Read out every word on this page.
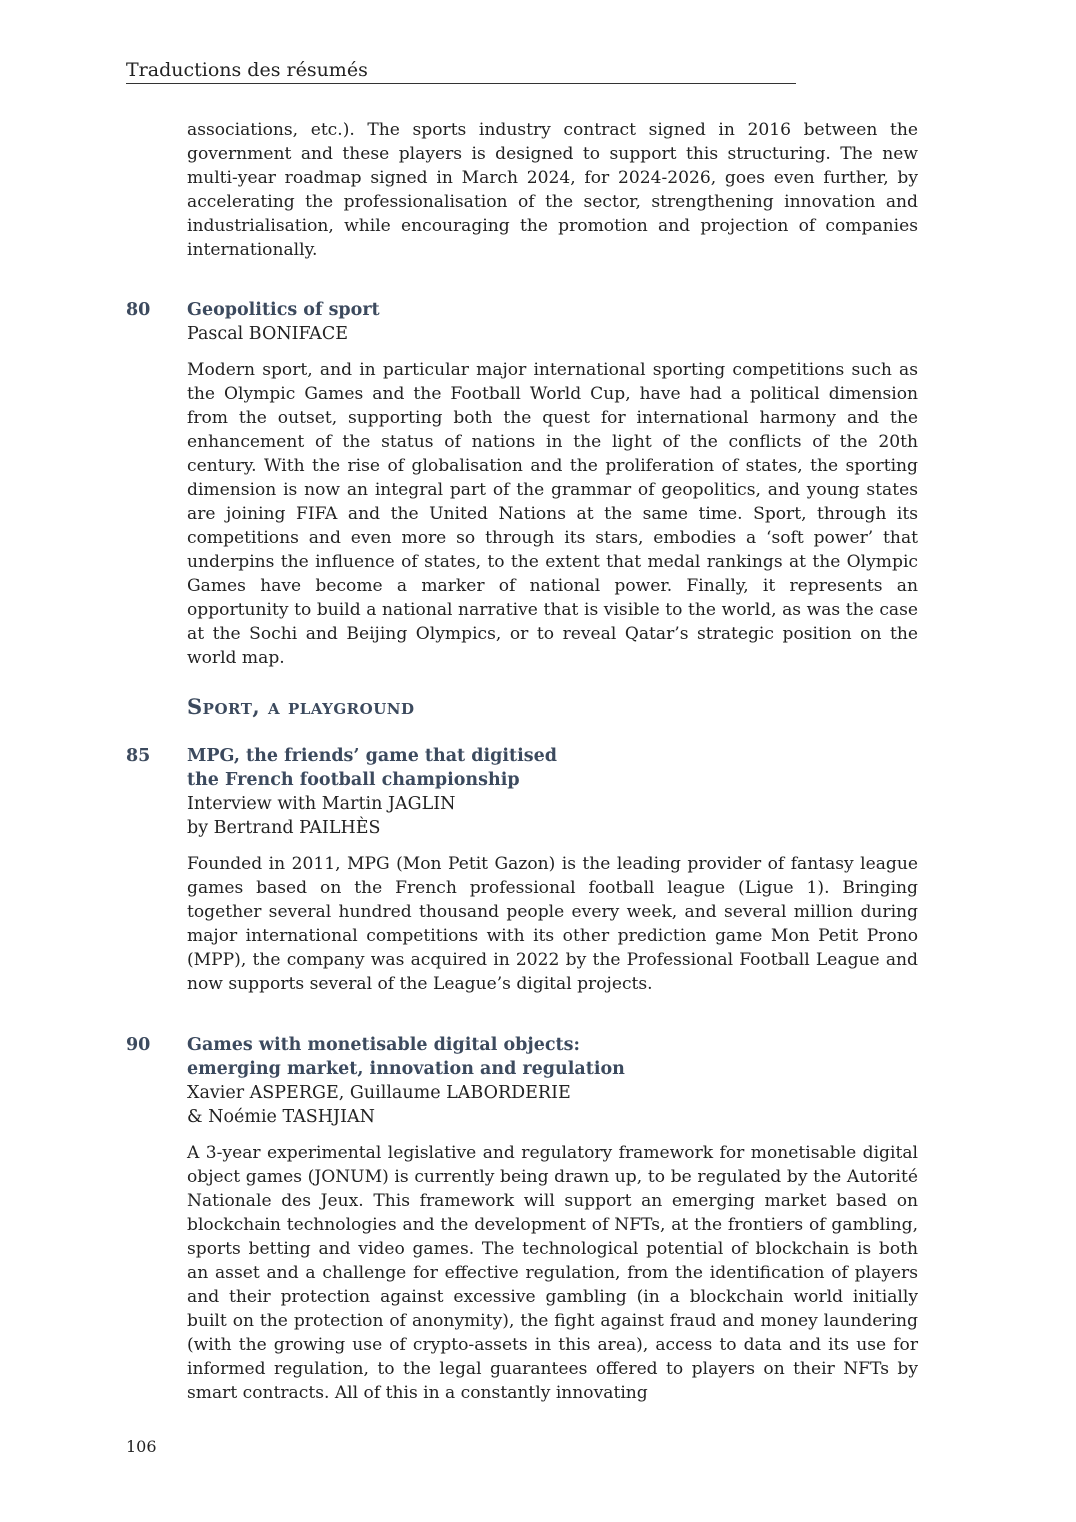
Traductions des résumés

associations, etc.). The sports industry contract signed in 2016 between the government and these players is designed to support this structuring. The new multi-year roadmap signed in March 2024, for 2024-2026, goes even further, by accelerating the professionalisation of the sector, strengthening innovation and industrialisation, while encouraging the promotion and projection of companies internationally.

80 Geopolitics of sport

Pascal BONIFACE

Modern sport, and in particular major international sporting competitions such as the Olympic Games and the Football World Cup, have had a political dimension from the outset, supporting both the quest for international harmony and the enhancement of the status of nations in the light of the conflicts of the 20th century. With the rise of globalisation and the proliferation of states, the sporting dimension is now an integral part of the grammar of geopolitics, and young states are joining FIFA and the United Nations at the same time. Sport, through its competitions and even more so through its stars, embodies a ‘soft power’ that underpins the influence of states, to the extent that medal rankings at the Olympic Games have become a marker of national power. Finally, it represents an opportunity to build a national narrative that is visible to the world, as was the case at the Sochi and Beijing Olympics, or to reveal Qatar’s strategic position on the world map.

Sport, a playground
85 MPG, the friends’ game that digitised

the French football championship

Interview with Martin JAGLIN

by Bertrand PAILHÈS

Founded in 2011, MPG (Mon Petit Gazon) is the leading provider of fantasy league games based on the French professional football league (Ligue 1). Bringing together several hundred thousand people every week, and several million during major international competitions with its other prediction game Mon Petit Prono (MPP), the company was acquired in 2022 by the Professional Football League and now supports several of the League’s digital projects.

90 Games with monetisable digital objects:

emerging market, innovation and regulation

Xavier ASPERGE, Guillaume LABORDERIE

& Noémie TASHJIAN

A 3-year experimental legislative and regulatory framework for monetisable digital object games (JONUM) is currently being drawn up, to be regulated by the Autorité Nationale des Jeux. This framework will support an emerging market based on blockchain technologies and the development of NFTs, at the frontiers of gambling, sports betting and video games. The technological potential of blockchain is both an asset and a challenge for effective regulation, from the identification of players and their protection against excessive gambling (in a blockchain world initially built on the protection of anonymity), the fight against fraud and money laundering (with the growing use of crypto-assets in this area), access to data and its use for informed regulation, to the legal guarantees offered to players on their NFTs by smart contracts. All of this in a constantly innovating

106
